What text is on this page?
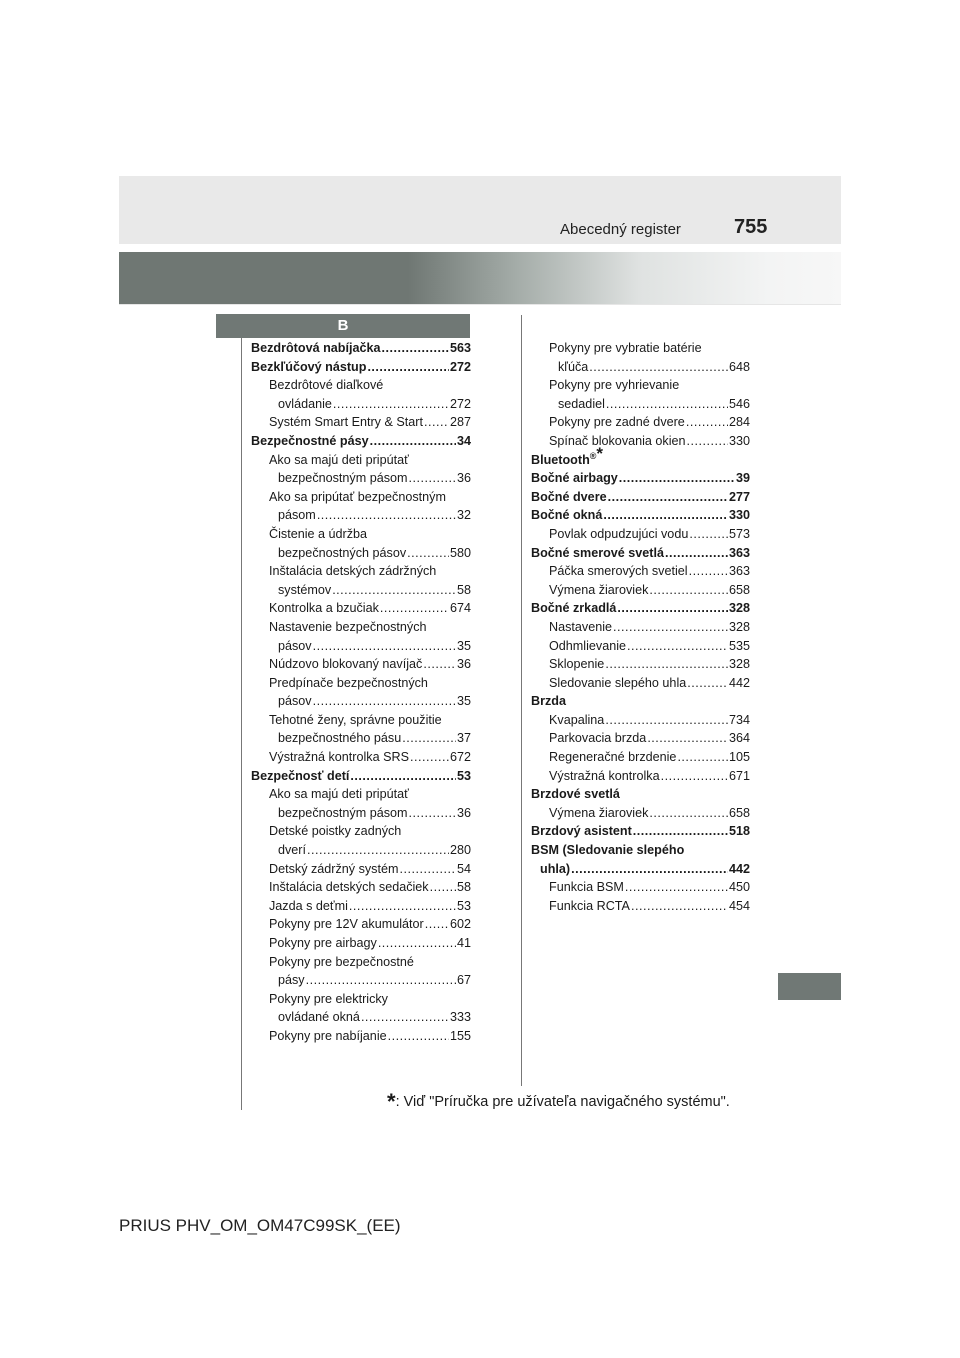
Abecedný register	755
B
Bezdrôtová nabíjačka .....	563
Bezkľúčový nástup .....	272
Bezdrôtové diaľkové
ovládanie .....	272
Systém Smart Entry & Start ..... 287
Bezpečnostné pásy .....	34
Ako sa majú deti pripútať
bezpečnostným pásom .....	36
Ako sa pripútať bezpečnostným
pásom .....	32
Čistenie a údržba
bezpečnostných pásov .....	580
Inštalácia detských zádržných
systémov .....	58
Kontrolka a bzučiak .....	674
Nastavenie bezpečnostných
pásov .....	35
Núdzovo blokovaný navíjač .....	36
Predpínače bezpečnostných
pásov .....	35
Tehotné ženy, správne použitie
bezpečnostného pásu .....	37
Výstražná kontrolka SRS .....	672
Bezpečnosť detí .....	53
Ako sa majú deti pripútať
bezpečnostným pásom .....	36
Detské poistky zadných
dverí .....	280
Detský zádržný systém .....	54
Inštalácia detských sedačiek ..... 58
Jazda s deťmi .....	53
Pokyny pre 12V akumulátor ..... 602
Pokyny pre airbagy .....	41
Pokyny pre bezpečnostné
pásy .....	67
Pokyny pre elektricky
ovládané okná .....	333
Pokyny pre nabíjanie .....	155
Pokyny pre vybratie batérie
kľúča .....	648
Pokyny pre vyhrievanie
sedadiel .....	546
Pokyny pre zadné dvere .....	284
Spínač blokovania okien .....	330
Bluetooth®*
Bočné airbagy .....	39
Bočné dvere .....	277
Bočné okná .....	330
Povlak odpudzujúci vodu .....	573
Bočné smerové svetlá .....	363
Páčka smerových svetiel .....	363
Výmena žiaroviek .....	658
Bočné zrkadlá .....	328
Nastavenie .....	328
Odhmlievanie .....	535
Sklopenie .....	328
Sledovanie slepého uhla .....	442
Brzda
Kvapalina .....	734
Parkovacia brzda .....	364
Regeneračné brzdenie .....	105
Výstražná kontrolka .....	671
Brzdové svetlá
Výmena žiaroviek .....	658
Brzdový asistent .....	518
BSM (Sledovanie slepého
uhla) .....	442
Funkcia BSM .....	450
Funkcia RCTA .....	454
*: Viď "Príručka pre užívateľa navigačného systému".
PRIUS PHV_OM_OM47C99SK_(EE)
